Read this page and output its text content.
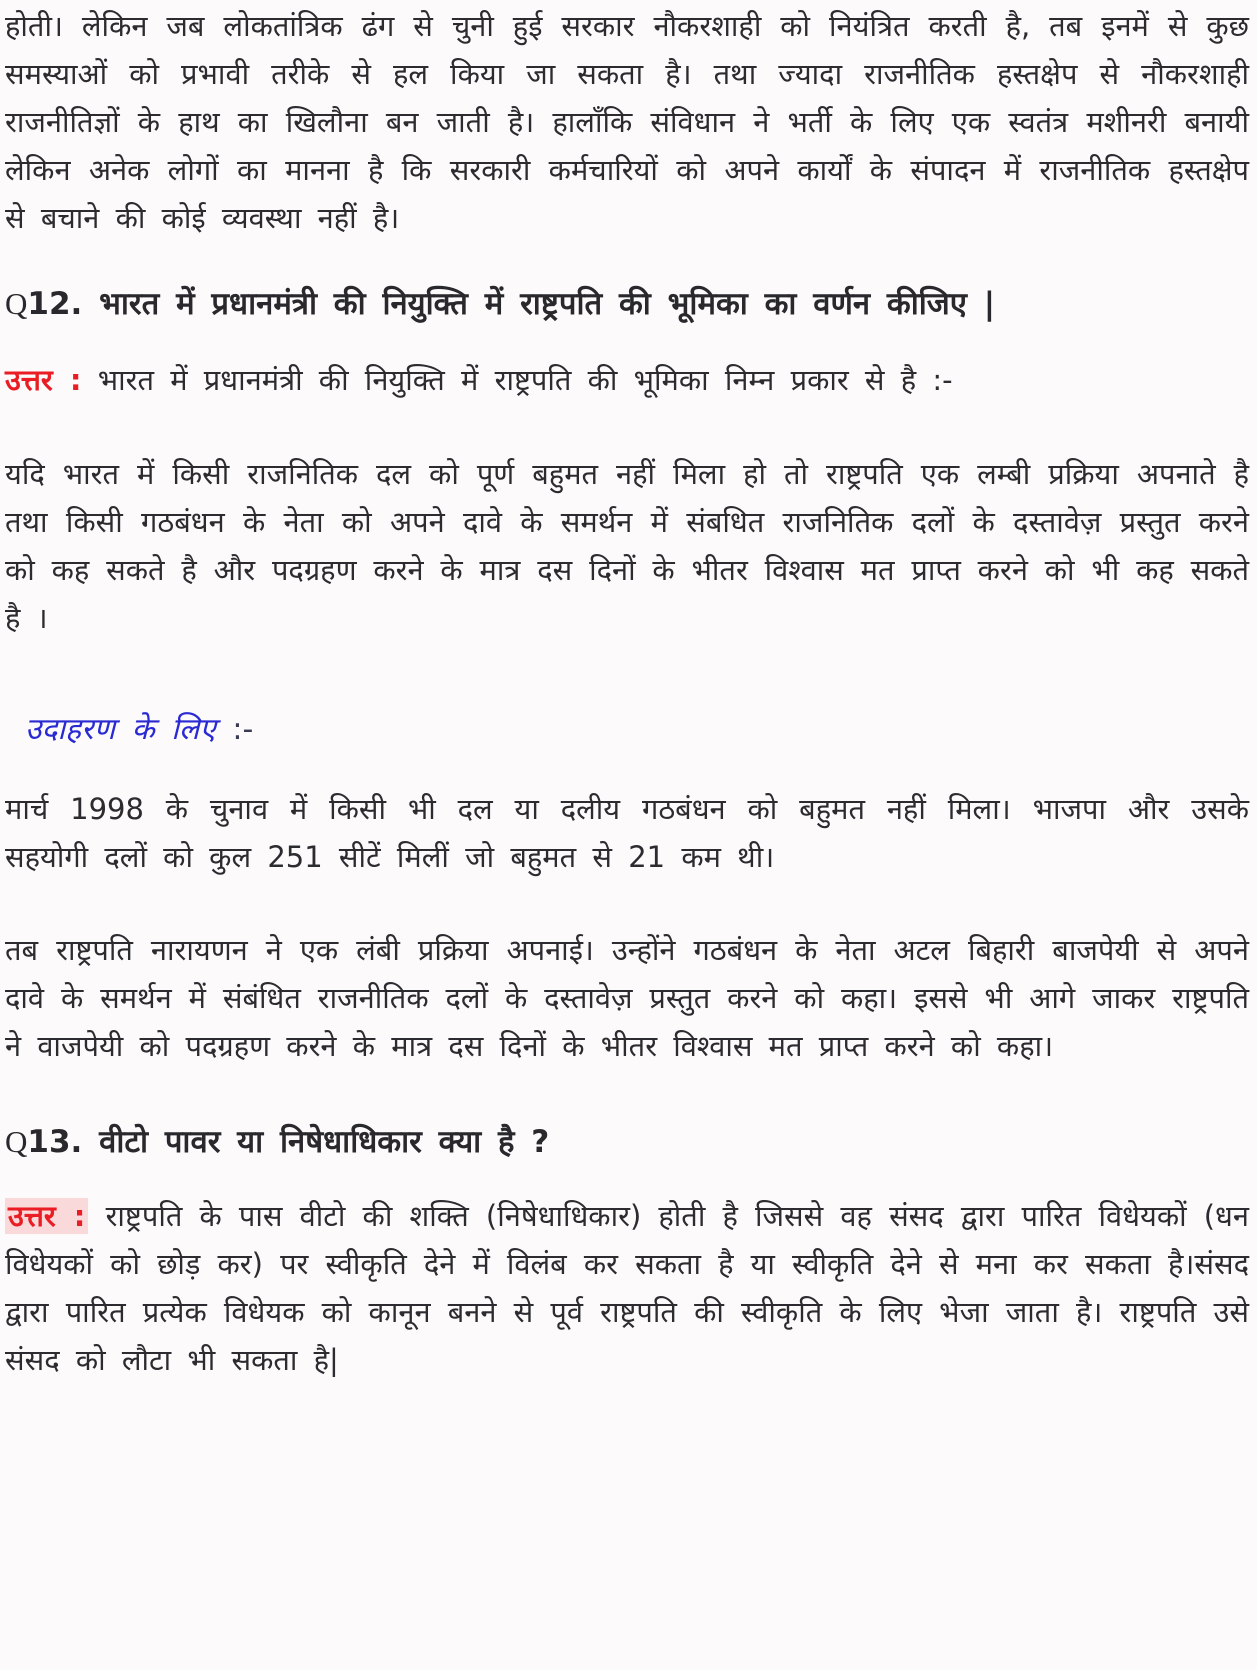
होती। लेकिन जब लोकतांत्रिक ढंग से चुनी हुई सरकार नौकरशाही को नियंत्रित करती है, तब इनमें से कुछ समस्याओं को प्रभावी तरीके से हल किया जा सकता है। तथा ज्यादा राजनीतिक हस्तक्षेप से नौकरशाही राजनीतिज्ञों के हाथ का खिलौना बन जाती है। हालाँकि संविधान ने भर्ती के लिए एक स्वतंत्र मशीनरी बनायी लेकिन अनेक लोगों का मानना है कि सरकारी कर्मचारियों को अपने कार्यों के संपादन में राजनीतिक हस्तक्षेप से बचाने की कोई व्यवस्था नहीं है।

Q12. भारत में प्रधानमंत्री की नियुक्ति में राष्ट्रपति की भूमिका का वर्णन कीजिए |

उत्तर : भारत में प्रधानमंत्री की नियुक्ति में राष्ट्रपति की भूमिका निम्न प्रकार से है :-

यदि भारत में किसी राजनितिक दल को पूर्ण बहुमत नहीं मिला हो तो राष्ट्रपति एक लम्बी प्रक्रिया अपनाते है तथा किसी गठबंधन के नेता को अपने दावे के समर्थन में संबधित राजनितिक दलों के दस्तावेज़ प्रस्तुत करने को कह सकते है और पदग्रहण करने के मात्र दस दिनों के भीतर विश्वास मत प्राप्त करने को भी कह सकते है ।

उदाहरण के लिए :-

मार्च 1998 के चुनाव में किसी भी दल या दलीय गठबंधन को बहुमत नहीं मिला। भाजपा और उसके सहयोगी दलों को कुल 251 सीटें मिलीं जो बहुमत से 21 कम थी।

तब राष्ट्रपति नारायणन ने एक लंबी प्रक्रिया अपनाई। उन्होंने गठबंधन के नेता अटल बिहारी बाजपेयी से अपने दावे के समर्थन में संबंधित राजनीतिक दलों के दस्तावेज़ प्रस्तुत करने को कहा। इससे भी आगे जाकर राष्ट्रपति ने वाजपेयी को पदग्रहण करने के मात्र दस दिनों के भीतर विश्वास मत प्राप्त करने को कहा।

Q13. वीटो पावर या निषेधाधिकार क्या है ?

उत्तर : राष्ट्रपति के पास वीटो की शक्ति (निषेधाधिकार) होती है जिससे वह संसद द्वारा पारित विधेयकों (धन विधेयकों को छोड़ कर) पर स्वीकृति देने में विलंब कर सकता है या स्वीकृति देने से मना कर सकता है।संसद द्वारा पारित प्रत्येक विधेयक को कानून बनने से पूर्व राष्ट्रपति की स्वीकृति के लिए भेजा जाता है। राष्ट्रपति उसे संसद को लौटा भी सकता है|
